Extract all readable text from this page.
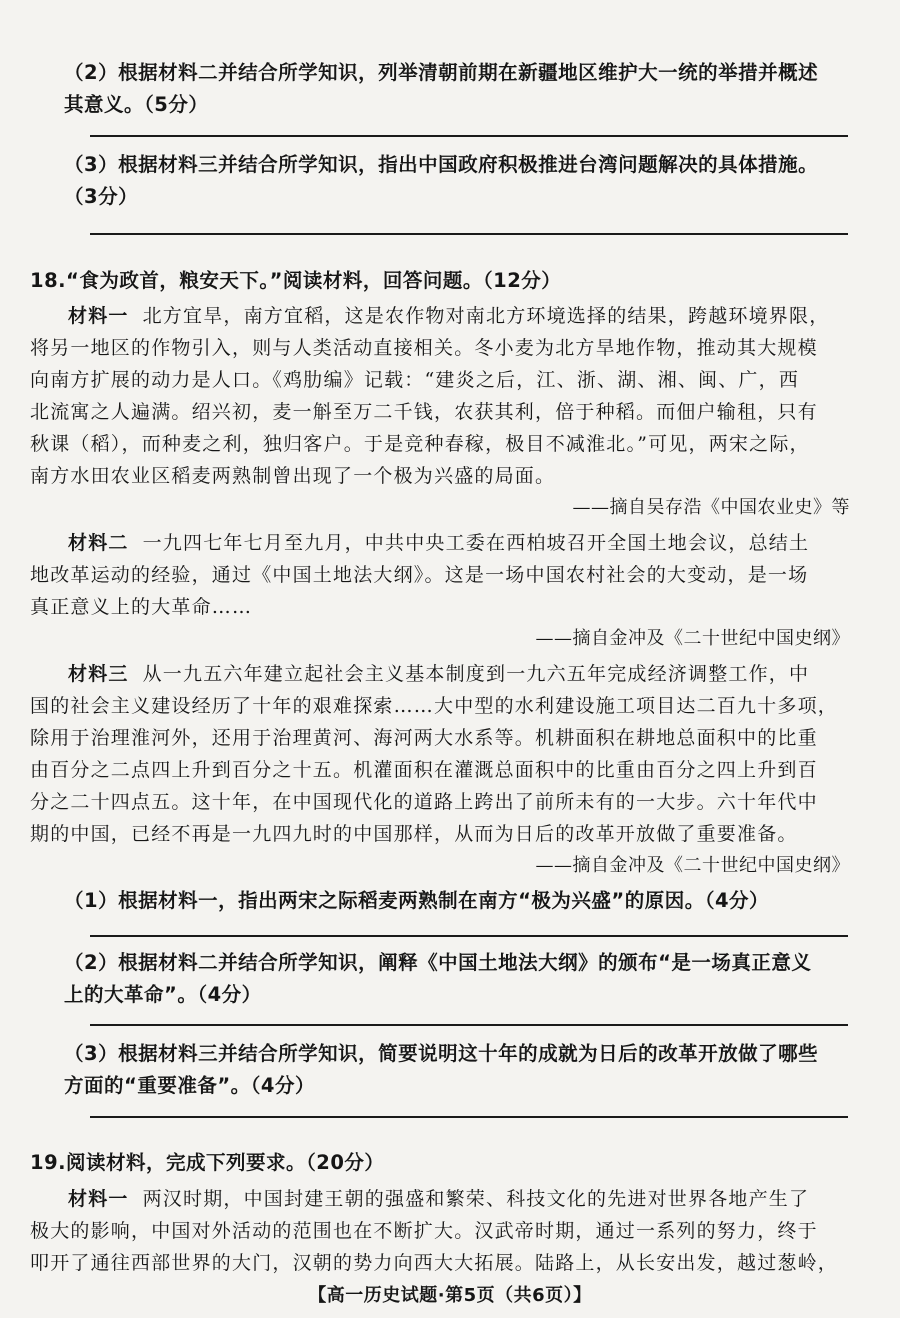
（2）根据材料二并结合所学知识，列举清朝前期在新疆地区维护大一统的举措并概述
其意义。（5分）
（3）根据材料三并结合所学知识，指出中国政府积极推进台湾问题解决的具体措施。
（3分）
18.“食为政首，粮安天下。”阅读材料，回答问题。（12分）
材料一 北方宜旱，南方宜稻，这是农作物对南北方环境选择的结果，跨越环境界限，
将另一地区的作物引入，则与人类活动直接相关。冬小麦为北方旱地作物，推动其大规模
向南方扩展的动力是人口。《鸡肋编》记载：“建炎之后，江、浙、湖、湘、闽、广，西
北流寓之人遍满。绍兴初，麦一斛至万二千钱，农获其利，倍于种稻。而佃户输租，只有
秋课（稻），而种麦之利，独归客户。于是竞种春稼，极目不减淮北。”可见，两宋之际，
南方水田农业区稻麦两熟制曾出现了一个极为兴盛的局面。
——摘自吴存浩《中国农业史》等
材料二 一九四七年七月至九月，中共中央工委在西柏坡召开全国土地会议，总结土
地改革运动的经验，通过《中国土地法大纲》。这是一场中国农村社会的大变动，是一场
真正意义上的大革命……
——摘自金冲及《二十世纪中国史纲》
材料三 从一九五六年建立起社会主义基本制度到一九六五年完成经济调整工作，中
国的社会主义建设经历了十年的艰难探索……大中型的水利建设施工项目达二百九十多项，
除用于治理淮河外，还用于治理黄河、海河两大水系等。机耕面积在耕地总面积中的比重
由百分之二点四上升到百分之十五。机灌面积在灌溉总面积中的比重由百分之四上升到百
分之二十四点五。这十年，在中国现代化的道路上跨出了前所未有的一大步。六十年代中
期的中国，已经不再是一九四九时的中国那样，从而为日后的改革开放做了重要准备。
——摘自金冲及《二十世纪中国史纲》
（1）根据材料一，指出两宋之际稻麦两熟制在南方“极为兴盛”的原因。（4分）
（2）根据材料二并结合所学知识，阐释《中国土地法大纲》的颁布“是一场真正意义
上的大革命”。（4分）
（3）根据材料三并结合所学知识，简要说明这十年的成就为日后的改革开放做了哪些
方面的“重要准备”。（4分）
19.阅读材料，完成下列要求。（20分）
材料一 两汉时期，中国封建王朝的强盛和繁荣、科技文化的先进对世界各地产生了
极大的影响，中国对外活动的范围也在不断扩大。汉武帝时期，通过一系列的努力，终于
叩开了通往西部世界的大门，汉朝的势力向西大大拓展。陆路上，从长安出发，越过葱岭，
【高一历史试题·第5页（共6页）】
